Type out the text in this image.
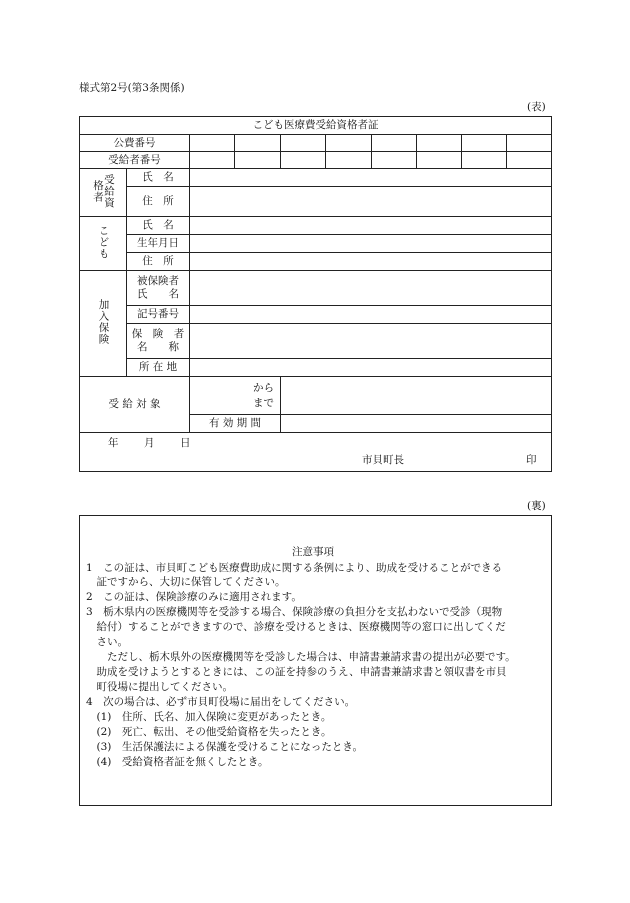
様式第2号(第3条関係)
(表)
こども医療費受給資格者証									
公費番号									
受給者番号									
受給資格者	氏　名								
	住　所								
こども	氏　名								
	生年月日								
	住　所								
加入保険	被保険者
氏　　名								

	記号番号								

	保　険　者
名　　称								

	所 在 地								
受 給 対 象		から
まで							

		有 効 期 間							

年 月 日
市貝町長 印									
(裏)
注意事項
1　この証は、市貝町こども医療費助成に関する条例により、助成を受けることができる
　証ですから、大切に保管してください。
2　この証は、保険診療のみに適用されます。
3　栃木県内の医療機関等を受診する場合、保険診療の負担分を支払わないで受診（現物
　給付）することができますので、診療を受けるときは、医療機関等の窓口に出してくだ
　さい。
　　ただし、栃木県外の医療機関等を受診した場合は、申請書兼請求書の提出が必要です。
　助成を受けようとするときには、この証を持参のうえ、申請書兼請求書と領収書を市貝
　町役場に提出してください。
4　次の場合は、必ず市貝町役場に届出をしてください。
　(1)　住所、氏名、加入保険に変更があったとき。
　(2)　死亡、転出、その他受給資格を失ったとき。
　(3)　生活保護法による保護を受けることになったとき。
　(4)　受給資格者証を無くしたとき。
